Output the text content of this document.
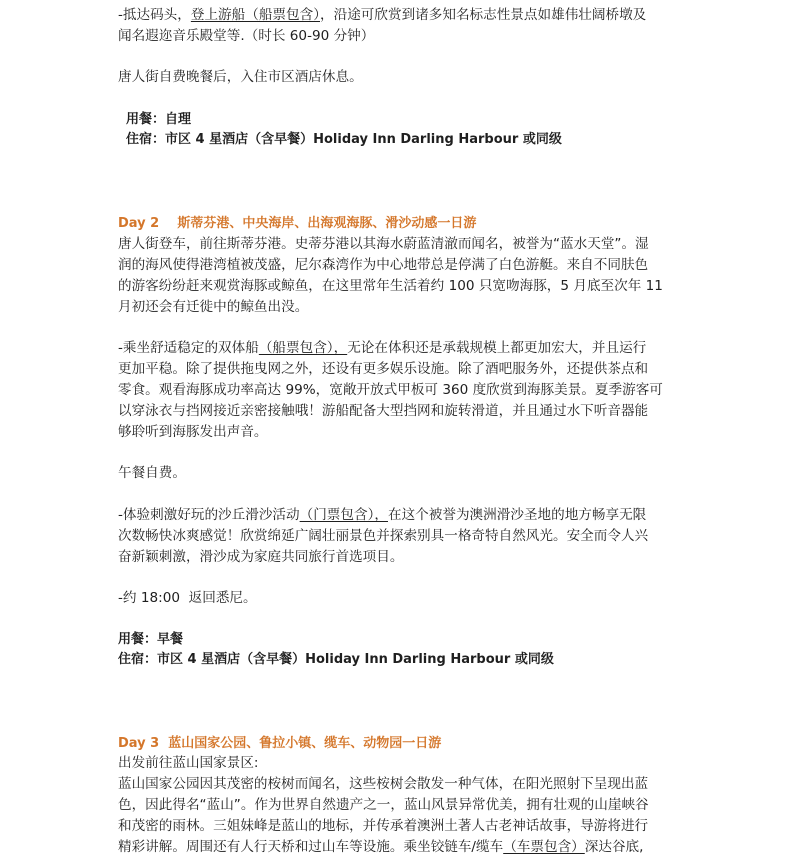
-抵达码头，登上游船（船票包含），沿途可欣赏到诸多知名标志性景点如雄伟壮阔桥墩及
闻名遐迩音乐殿堂等.（时长 60-90 分钟）
唐人街自费晚餐后，入住市区酒店休息。
用餐：自理
住宿：市区 4 星酒店（含早餐）Holiday Inn Darling Harbour 或同级
Day 2    斯蒂芬港、中央海岸、出海观海豚、滑沙动感一日游
唐人街登车，前往斯蒂芬港。史蒂芬港以其海水蔚蓝清澈而闻名，被誉为“蓝水天堂”。湿
润的海风使得港湾植被茂盛，尼尔森湾作为中心地带总是停满了白色游艇。来自不同肤色
的游客纷纷赶来观赏海豚或鲸鱼，在这里常年生活着约 100 只宽吻海豚，5 月底至次年 11
月初还会有迁徙中的鲸鱼出没。
-乘坐舒适稳定的双体船（船票包含），无论在体积还是承载规模上都更加宏大，并且运行
更加平稳。除了提供拖曳网之外，还设有更多娱乐设施。除了酒吧服务外，还提供茶点和
零食。观看海豚成功率高达 99%，宽敞开放式甲板可 360 度欣赏到海豚美景。夏季游客可
以穿泳衣与挡网接近亲密接触哦！游船配备大型挡网和旋转滑道，并且通过水下听音器能
够聆听到海豚发出声音。
午餐自费。
-体验刺激好玩的沙丘滑沙活动（门票包含），在这个被誉为澳洲滑沙圣地的地方畅享无限
次数畅快冰爽感觉！欣赏绵延广阔壮丽景色并探索别具一格奇特自然风光。安全而令人兴
奋新颖刺激，滑沙成为家庭共同旅行首选项目。
-约 18:00  返回悉尼。
用餐：早餐
住宿：市区 4 星酒店（含早餐）Holiday Inn Darling Harbour 或同级
Day 3  蓝山国家公园、鲁拉小镇、缆车、动物园一日游
出发前往蓝山国家景区:
蓝山国家公园因其茂密的桉树而闻名，这些桉树会散发一种气体，在阳光照射下呈现出蓝
色，因此得名“蓝山”。作为世界自然遗产之一，蓝山风景异常优美，拥有壮观的山崖峡谷
和茂密的雨林。三姐妹峰是蓝山的地标，并传承着澳洲土著人古老神话故事，导游将进行
精彩讲解。周围还有人行天桥和过山车等设施。乘坐铰链车/缆车（车票包含）深达谷底,
